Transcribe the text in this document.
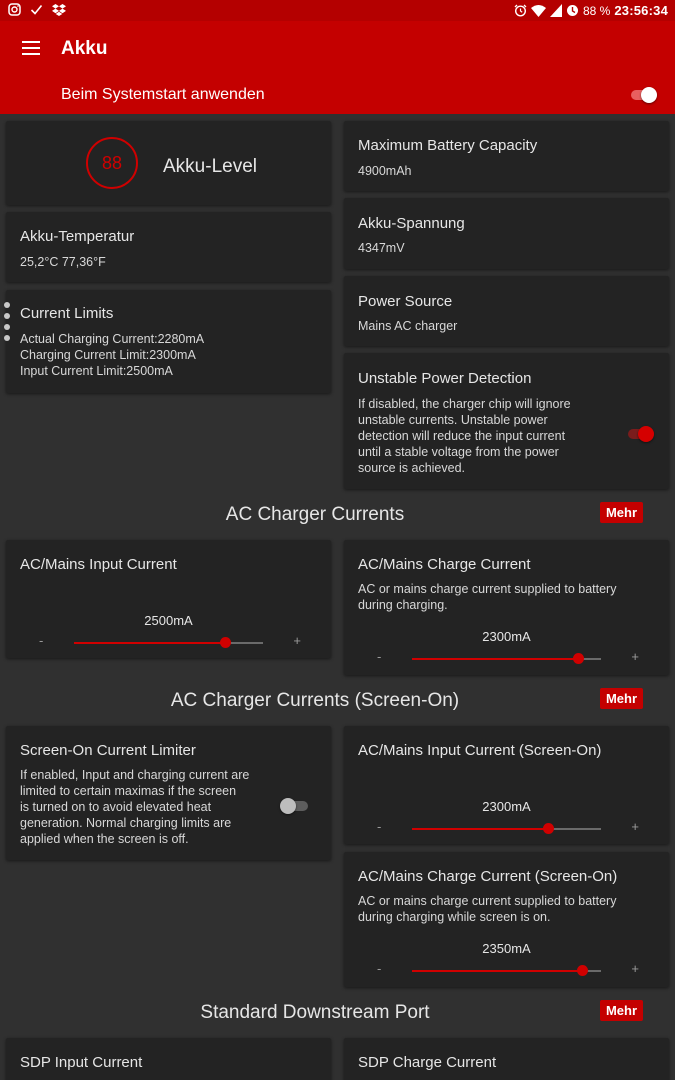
88 % 23:56:34
Akku
Beim Systemstart anwenden
88	Akku-Level
Akku-Temperatur
25,2°C 77,36°F
Current Limits
Actual Charging Current:2280mA
Charging Current Limit:2300mA
Input Current Limit:2500mA
Maximum Battery Capacity
4900mAh
Akku-Spannung
4347mV
Power Source
Mains AC charger
Unstable Power Detection
If disabled, the charger chip will ignore
unstable currents. Unstable power
detection will reduce the input current
until a stable voltage from the power
source is achieved.
AC Charger Currents	Mehr
AC/Mains Input Current
2500mA
-	+
AC/Mains Charge Current
AC or mains charge current supplied to battery
during charging.
2300mA
-	+
AC Charger Currents (Screen-On)	Mehr
Screen-On Current Limiter
If enabled, Input and charging current are
limited to certain maximas if the screen
is turned on to avoid elevated heat
generation. Normal charging limits are
applied when the screen is off.
AC/Mains Input Current (Screen-On)
2300mA
-	+
AC/Mains Charge Current (Screen-On)
AC or mains charge current supplied to battery
during charging while screen is on.
2350mA
-	+
Standard Downstream Port	Mehr
SDP Input Current	SDP Charge Current
